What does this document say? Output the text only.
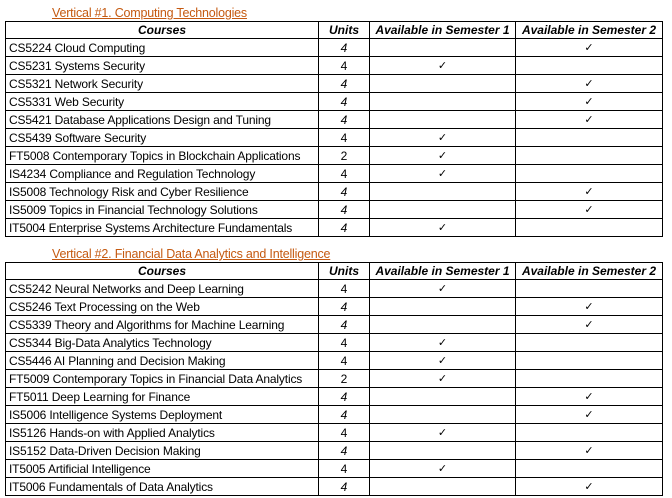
Vertical #1. Computing Technologies
Courses	Units	Available in Semester 1	Available in Semester 2
CS5224 Cloud Computing	4		✓
CS5231 Systems Security	4	✓	
CS5321 Network Security	4		✓
CS5331 Web Security	4		✓
CS5421 Database Applications Design and Tuning	4		✓
CS5439 Software Security	4	✓	
FT5008 Contemporary Topics in Blockchain Applications	2	✓	
IS4234 Compliance and Regulation Technology	4	✓	
IS5008 Technology Risk and Cyber Resilience	4		✓
IS5009 Topics in Financial Technology Solutions	4		✓
IT5004 Enterprise Systems Architecture Fundamentals	4	✓	
Vertical #2. Financial Data Analytics and Intelligence
Courses	Units	Available in Semester 1	Available in Semester 2
CS5242 Neural Networks and Deep Learning	4	✓	
CS5246 Text Processing on the Web	4		✓
CS5339 Theory and Algorithms for Machine Learning	4		✓
CS5344 Big-Data Analytics Technology	4	✓	
CS5446 AI Planning and Decision Making	4	✓	
FT5009 Contemporary Topics in Financial Data Analytics	2	✓	
FT5011 Deep Learning for Finance	4		✓
IS5006 Intelligence Systems Deployment	4		✓
IS5126 Hands-on with Applied Analytics	4	✓	
IS5152 Data-Driven Decision Making	4		✓
IT5005 Artificial Intelligence	4	✓	
IT5006 Fundamentals of Data Analytics	4		✓
